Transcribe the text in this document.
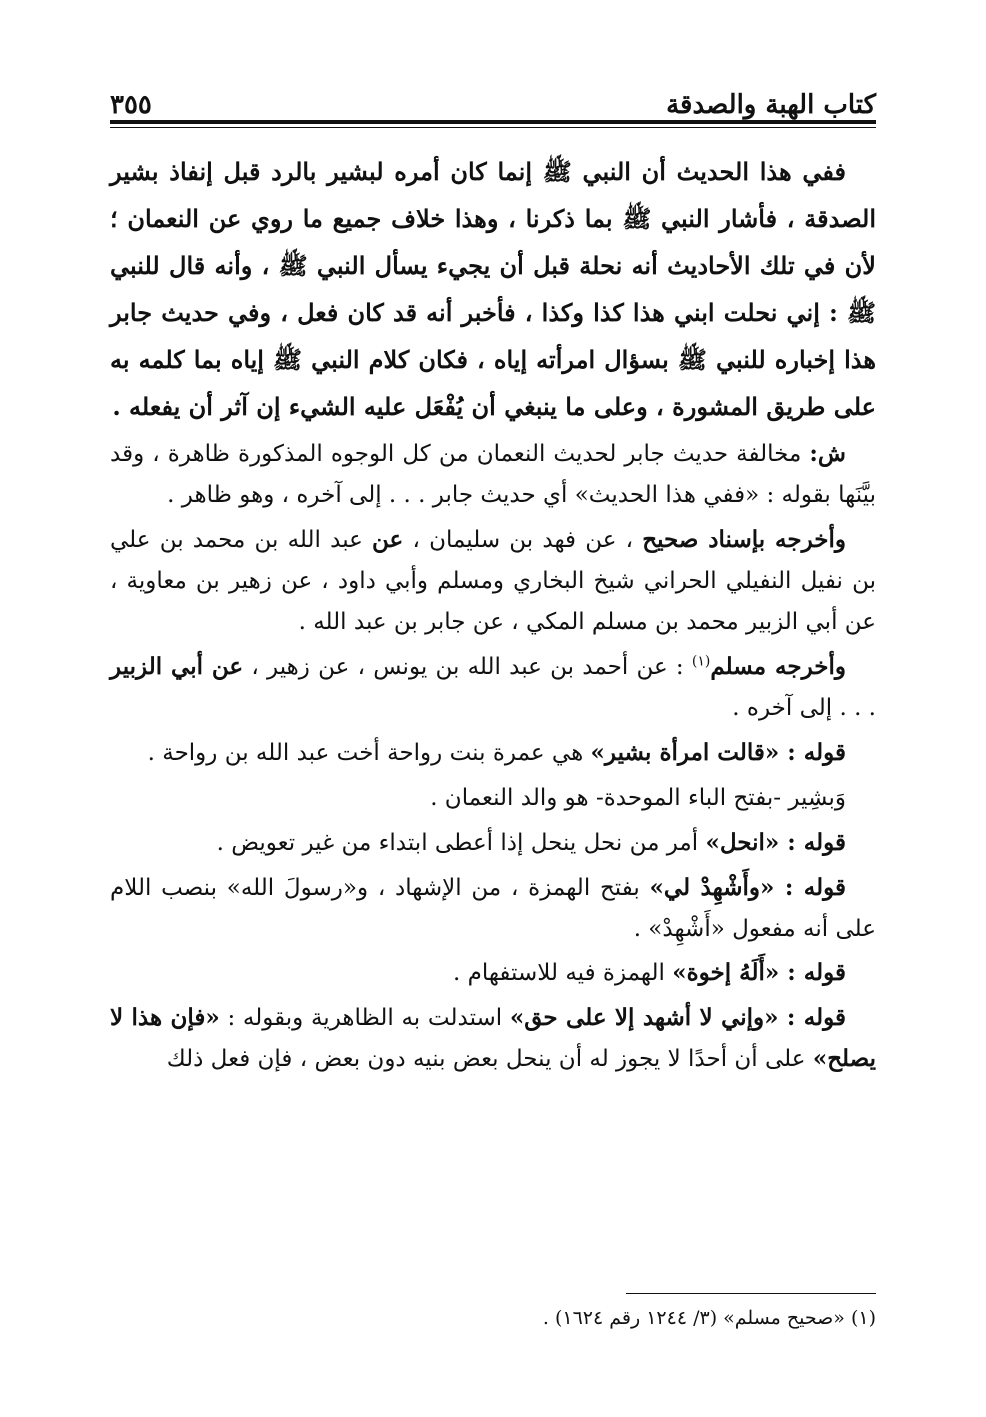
كتاب الهبة والصدقة
٣٥٥

ففي هذا الحديث أن النبي ﷺ إنما كان أمره لبشير بالرد قبل إنفاذ بشير الصدقة ، فأشار النبي ﷺ بما ذكرنا ، وهذا خلاف جميع ما روي عن النعمان ؛ لأن في تلك الأحاديث أنه نحلة قبل أن يجيء يسأل النبي ﷺ ، وأنه قال للنبي ﷺ : إني نحلت ابني هذا كذا وكذا ، فأخبر أنه قد كان فعل ، وفي حديث جابر هذا إخباره للنبي ﷺ بسؤال امرأته إياه ، فكان كلام النبي ﷺ إياه بما كلمه به على طريق المشورة ، وعلى ما ينبغي أن يُفْعَل عليه الشيء إن آثر أن يفعله .

ش: مخالفة حديث جابر لحديث النعمان من كل الوجوه المذكورة ظاهرة ، وقد بيَّنَها بقوله : «ففي هذا الحديث» أي حديث جابر . . . إلى آخره ، وهو ظاهر .

وأخرجه بإسناد صحيح ، عن فهد بن سليمان ، عن عبد الله بن محمد بن علي بن نفيل النفيلي الحراني شيخ البخاري ومسلم وأبي داود ، عن زهير بن معاوية ، عن أبي الزبير محمد بن مسلم المكي ، عن جابر بن عبد الله .

وأخرجه مسلم$^{(١)}$ : عن أحمد بن عبد الله بن يونس ، عن زهير ، عن أبي الزبير . . . إلى آخره .

قوله : «قالت امرأة بشير» هي عمرة بنت رواحة أخت عبد الله بن رواحة .

وَبشِير -بفتح الباء الموحدة- هو والد النعمان .

قوله : «انحل» أمر من نحل ينحل إذا أعطى ابتداء من غير تعويض .

قوله : «وأَشْهِدْ لي» بفتح الهمزة ، من الإشهاد ، و«رسولَ الله» بنصب اللام على أنه مفعول «أَشْهِدْ» .

قوله : «أَلَهُ إخوة» الهمزة فيه للاستفهام .

قوله : «وإني لا أشهد إلا على حق» استدلت به الظاهرية وبقوله : «فإن هذا لا يصلح» على أن أحدًا لا يجوز له أن ينحل بعض بنيه دون بعض ، فإن فعل ذلك

(١) «صحيح مسلم» (٣/ ١٢٤٤ رقم ١٦٢٤) .
